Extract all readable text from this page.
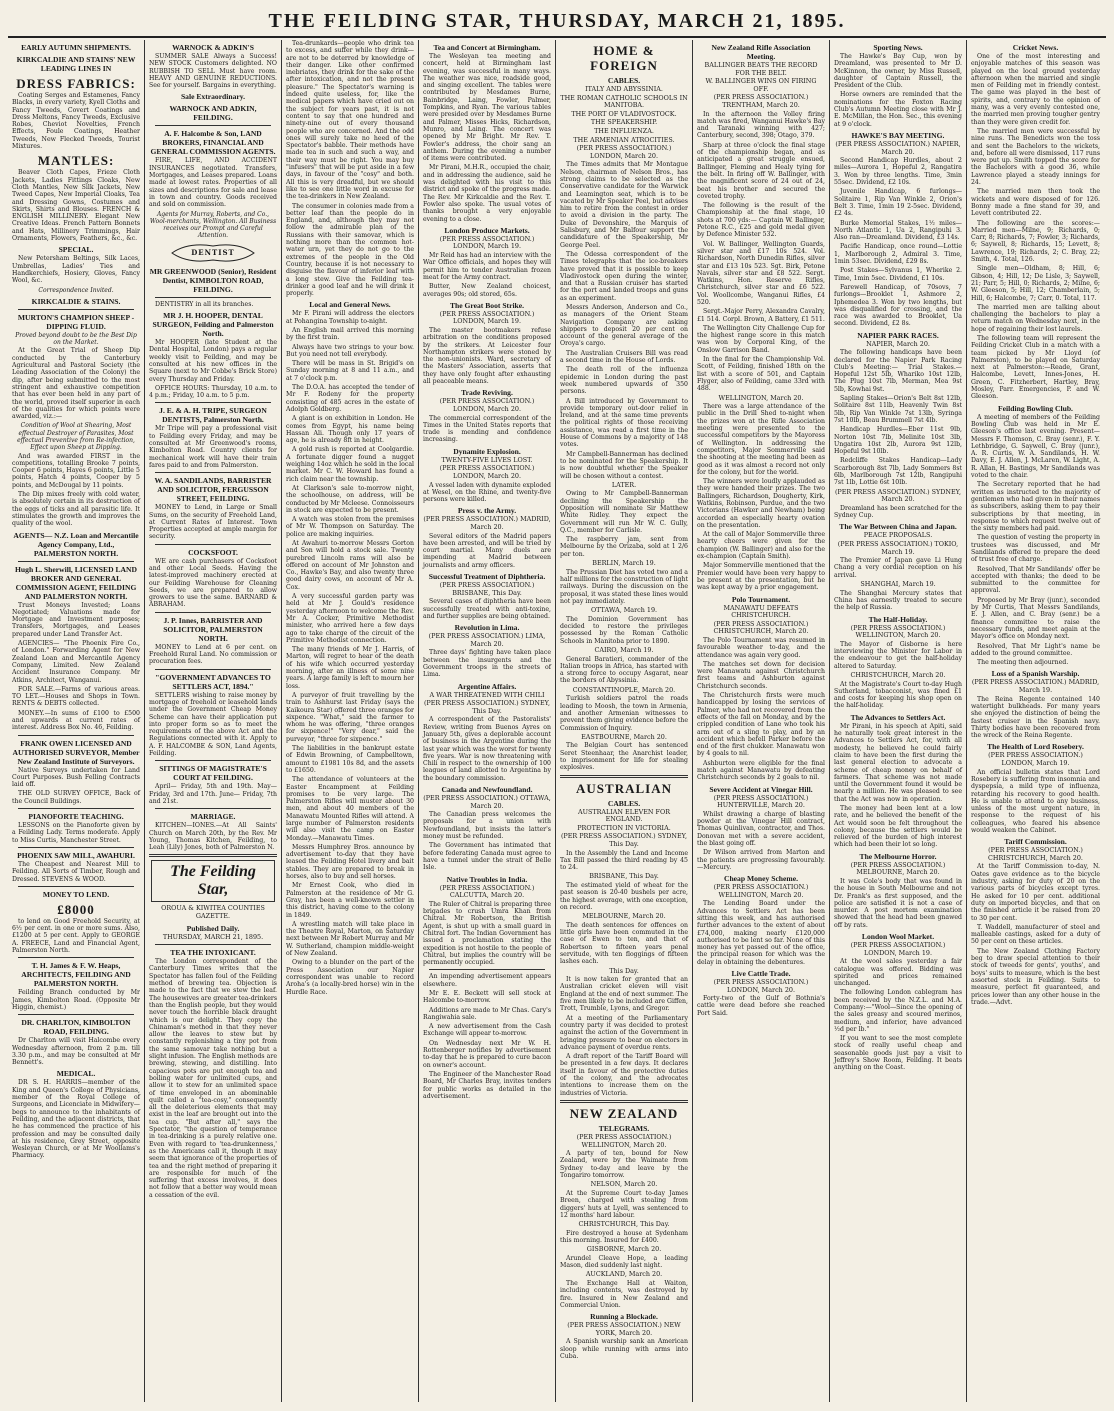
THE FEILDING STAR, THURSDAY, MARCH 21, 1895.
EARLY AUTUMN SHIPMENTS.
KIRKCALDIE AND STAINS' NEW LEADING LINES IN
DRESS FABRICS:

Coating Serges and Estamenes, Fancy Blacks, in every variety, Kyell Cloths and Fancy Tweeds, Covert Coatings and Dress Meltons, Fancy Tweeds, Exclusive Robes, Cheviot Novelties, French Effects, Foule Coatings, Heather Tweeds, New Flecked Tweeds, Tourist Mixtures.

MANTLES:

Beaver Cloth Capes, Frieze Cloth Jackets, Ladies Fittings Cloaks, New Cloth Mantles, New Silk Jackets, New Tweed Capes, New Imperial Cloaks, Tea and Dressing Gowns, Costumes and Skirts, Shirts and Blouses. FRENCH & ENGLISH MILLINERY. Elegant New Creative Ideas. French Pattern Bonnets and Hats, Millinery Trimmings, Hair Ornaments, Flowers, Feathers, &c., &c.

SPECIAL.

New Petersham Beltings, Silk Laces, Umbrellas, Ladies' Ties and Handkerchiefs, Hosiery, Gloves, Fancy Wool, &c.

Correspondence Invited.
KIRKCALDIE & STAINS.
MURTON'S CHAMPION SHEEP - DIPPING FLUID.
Proved beyond doubt to be the Best Dip on the Market.

At the Great Trial of Sheep Dip conducted by the Canterbury Agricultural and Pastoral Society (the Leading Association of the Colony) the dip, after being submitted to the most stringent and exhaustive competition that has ever been held in any part of the world, proved itself superior in each of the qualities for which points were awarded, viz.:—

Condition of Wool at Shearing, Most effectual Destroyer of Parasites, Most effectual Preventive from Re-infection, Effect upon Sheep at Dipping.

And was awarded FIRST in the competitions, totalling Brooke 7 points, Cooper 6 points, Hayes 6 points, Little 5 points, Hatch 4 points, Cooper by 5 points, and McDougal by 11 points.

The Dip mixes freely with cold water, is absolutely certain in its destruction of the eggs of ticks and all parasitic life. It stimulates the growth and improves the quality of the wool.

AGENTS— N.Z. Loan and Mercantile Agency Company, Ltd., PALMERSTON NORTH.
Hugh L. Sherwill, LICENSED LAND BROKER AND GENERAL COMMISSION AGENT, FEILDING AND PALMERSTON NORTH.

Trust Moneys Invested; Loans Negotiated; Valuations made for Mortgage and Investment purposes; Transfers, Mortgages, and Leases prepared under Land Transfer Act.

AGENCIES— "The Phoenix Fire Co., of London." Forwarding Agent for New Zealand Loan and Mercantile Agency Company, Limited. New Zealand Accident Insurance Company. Mr Atkins, Architect, Wanganui.

FOR SALE.—Farms of various areas. TO LET.—Houses and Shops in Town. RENTS & DEBTS collected.

MONEY.—In sums of £100 to £500 and upwards at current rates of interest. Address Box No. 46, Feilding.

FRANK OWEN LICENSED AND AUTHORISED SURVEYOR, Member New Zealand Institute of Surveyors.

Native Surveys undertaken for Land Court Purposes. Bush Felling Contracts laid off.

THE OLD SURVEY OFFICE, Back of the Council Buildings.

PIANOFORTE TEACHING.

LESSONS on the Pianoforte given by a Feilding Lady. Terms moderate. Apply to Miss Curtis, Manchester Street.

PHOENIX SAW MILL, AWAHURI.

The Cheapest and Nearest Mill to Feilding. All Sorts of Timber, Rough and Dressed. STEVENS & WOOD.

MONEY TO LEND.
£8000

to lend on Good Freehold Security, at 6½ per cent. in one or more sums. Also, £1200 at 5 per cent. Apply to GEORGE A. FREECE, Land and Financial Agent, Palmerston North.

T. H. James & F. W. Heaps, ARCHITECTS, FEILDING AND PALMERSTON NORTH.

Feilding Branch conducted by Mr James, Kimbolton Road. (Opposite Mr Higgin, chemist.)

DR. CHARLTON, KIMBOLTON ROAD, FEILDING.

Dr Charlton will visit Halcombe every Wednesday afternoon, from 2 p.m. till 3.30 p.m., and may be consulted at Mr Bennett's.

MEDICAL.

DR S. H. HARRIS—member of the King and Queen's College of Physicians, member of the Royal College of Surgeons, and Licenciate in Midwifery— begs to announce to the inhabitants of Feilding, and the adjacent districts, that he has commenced the practice of his profession and may be consulted daily at his residence, Grey Street, opposite Wesleyan Church, or at Mr Woollams's Pharmacy.

WARNOCK & ADKIN'S

SUMMER SALE Always a Success! NEW STOCK Customers delighted. NO RUBBISH TO SELL Must have room. HEAVY AND GENUINE REDUCTIONS. See for yourself. Bargains in everything.

Sale Extraordinary.
WARNOCK AND ADKIN, FEILDING.
A. F. Halcombe & Son, LAND BROKERS, FINANCIAL AND GENERAL COMMISSION AGENTS.

FIRE, LIFE, AND ACCIDENT INSURANCES negotiated. Transfers, Mortgages, and Leases prepared. Loans made at lowest rates. Properties of all sizes and descriptions for sale and lease in town and country. Goods received and sold on commission.

Agents for Murray, Roberts, and Co., Wool-merchants, Wellington. All Business receives our Prompt and Careful Attention.
DENTIST
MR GREENWOOD (Senior), Resident Dentist, KIMBOLTON ROAD, FEILDING.

DENTISTRY in all its branches.

MR J. H. HOOPER, DENTAL SURGEON, Feilding and Palmerston North.

Mr HOOPER (late Student at the Dental Hospital, London) pays a regular weekly visit to Feilding, and may be consulted at his new offices in the Square (next to Mr Cobbe's Brick Store) every Thursday and Friday.

OFFICE HOURS: Thursday, 10 a.m. to 4 p.m.; Friday, 10 a.m. to 5 p.m.

J. E. & A. H. TRIPE, SURGEON DENTISTS, Palmerston North.

Mr Tripe will pay a professional visit to Feilding every Friday, and may be consulted at Mr Greenwood's rooms, Kimbolton Road. Country clients for mechanical work will have their train fares paid to and from Palmerston.

W. A. SANDILANDS, BARRISTER AND SOLICITOR, FERGUSSON STREET, FEILDING.

MONEY to Lend, in Large or Small Sums, on the security of Freehold Land, at Current Rates of Interest. Town Properties accepted at ample margin for security.

COCKSFOOT.

WE are cash purchasers of Cocksfoot and other Local Seeds. Having the latest-improved machinery erected at our Feilding Warehouse for Cleaning Seeds, we are prepared to allow growers to use the same. BARNARD & ABRAHAM.

J. P. Innes, BARRISTER AND SOLICITOR, PALMERSTON NORTH.

MONEY to Lend at 6 per cent. on Freehold Rural Land. No commission or procuration fees.

"GOVERNMENT ADVANCES TO SETTLERS ACT, 1894."

SETTLERS wishing to raise money by mortgage of freehold or leasehold lands under the Government Cheap Money Scheme can have their application put into proper form so as to meet the requirements of the above Act and the Regulations connected with it. Apply to A. F. HALCOMBE & SON, Land Agents, Feilding.

SITTINGS OF MAGISTRATE'S COURT AT FEILDING.

April— Friday, 5th and 19th. May— Friday, 3rd and 17th. June— Friday, 7th and 21st.

MARRIAGE.

KITCHEN—IONES.—At All Saints' Church on March 20th, by the Rev. Mr Young, Thomas Kitchen, Feilding, to Leah (Lily) Jones, both of Palmerston N.

The Feilding Star,
OROUA & KIWITEA COUNTIES GAZETTE.
Published Daily.
THURSDAY, MARCH 21, 1895.
TEA THE INTOXICANT.

The London correspondent of the Canterbury Times writes that the Spectator has fallen foul of the Feilding method of brewing tea. Objection is made to the fact that we stew the leaf. The housewives are greater tea-drinkers than the English people, but they would never touch the horrible black draught which is our delight. They copy the Chinaman's method in that they never allow the leaves to stew but by constantly replenishing a tiny pot from the same samovar take nothing but a slight infusion. The English methods are brewing, stewing, and distilling. Into capacious pots are put enough tea and boiling water for unlimited cups, and allow it to stew for an unlimited space of time enveloped in an abominable quilt called a "tea-cosy," consequently all the deleterious elements that may exist in the leaf are brought out into the tea cup. "But after all," says the Spectator, "the question of temperance in tea-drinking is a purely relative one. Even with regard to 'tea-drunkenness,' as the Americans call it, though it may seem that ignorance of the properties of tea and the right method of preparing it are responsible for much of the suffering that excess involves, it does not follow that a better way would mean a cessation of the evil.

Tea-drunkards—people who drink tea to excess, and suffer while they drink—are not to be deterred by knowledge of their danger. Like other confirmed inebriates, they drink for the sake of the after intoxication, and not the present pleasure." The Spectator's warning is indeed quite useless, for, like the medical papers which have cried out on the subject for years past, it is not content to say that one hundred and ninety-nine out of every thousand people who are concerned. And the odd ones will surely take no heed of the Spectator's babble. Their methods have made tea in such and such a way, and their way must be right. You may buy "infusers" that will be put aside in a few days, in favour of the "cosy" and both. All this is very dreadful, but we should like to see one little word in excuse for the tea-drinkers in New Zealand.

The consumer in colonies made from a better leaf than the people do in England, and, although they may not follow the admirable plan of the Russians with their samovar, which is nothing more than the common hot-water urn, yet they do not go to the extremes of the people in the Old Country, because it is not necessary to disguise the flavour of inferior leaf with a long stew. Give the Feilding tea-drinker a good leaf and he will drink it properly.

Local and General News.

Mr F. Pirani will address the electors at Pohangina Township to-night.

An English mail arrived this morning by the first train.

Always have two strings to your bow. But you need not tell everybody.

There will be mass in St. Brigid's on Sunday morning at 8 and 11 a.m., and at 7 o'clock p.m.

The D.O.A. has accepted the tender of Mr F. Rodeny for the property consisting of 485 acres in the estate of Adolph Goldberg.

A giant is on exhibition in London. He comes from Egypt, his name being Hassan Ali. Though only 17 years of age, he is already 8ft in height.

A gold rush is reported at Coolgardie. A fortunate digger found a nugget weighing 14oz which he sold in the local market. Mr C. W. Howard has found a rich claim near the township.

At Clarkson's sale to-morrow night, the schoolhouse, on address, will be conducted by Mr Mcleese. Connoisseurs in stock are expected to be present.

A watch was stolen from the premises of Mr W. Thompson on Saturday. The police are making inquiries.

At Awahuri to-morrow Messrs Gorton and Son will hold a stock sale. Twenty purebred Lincoln rams will also be offered on account of Mr Johnston and Co., Hawke's Bay, and also twenty three good dairy cows, on account of Mr A. Cox.

A very successful garden party was held at Mr J. Gould's residence yesterday afternoon to welcome the Rev. Mr A. Cocker, Primitive Methodist minister, who arrived here a few days ago to take charge of the circuit of the Primitive Methodist connection.

The many friends of Mr J. Harris, of Marton, will regret to hear of the death of his wife which occurred yesterday morning, after an illness of some nine years. A large family is left to mourn her loss.

A purveyor of fruit travelling by the train to Ashhurst last Friday (says the Kaikoura Star) offered three oranges for sixpence. "What," said the farmer to whom he was offering, "three oranges for sixpence!" "Very dear," said the purveyor, "three for sixpence."

The liabilities in the bankrupt estate of Edwin Browning, of Campbelltown, amount to £1981 10s 8d, and the assets to £1650.

The attendance of volunteers at the Easter Encampment at Feilding promises to be very large. The Palmerston Rifles will muster about 30 men, and about 40 members of the Manawatu Mounted Rifles will attend. A large number of Palmerston residents will also visit the camp on Easter Monday.—Manawatu Times.

Messrs Humphrey Bros. announce by advertisement to-day that they have leased the Feilding Hotel livery and bait stables. They are prepared to break in horses, also to buy and sell horses.

Mr Ernest Cook, who died in Palmerston at the residence of Mr G. Gray, has been a well-known settler in this district, having come to the colony in 1849.

A wrestling match will take place in the Theatre Royal, Marton, on Saturday next between Mr Robert Murray and Mr W. Sutherland, champion middle-weight of New Zealand.

Owing to a blunder on the part of the Press Association our Napier correspondent was unable to record Aroha's (a locally-bred horse) win in the Hurdle Race.

Tea and Concert at Birmingham.

The Wesleyan tea meeting and concert, held at Birmingham last evening, was successful in many ways. The weather was nice, roadside good, and singing excellent. The tables were contributed by Mesdames Burne, Bainbridge, Laing, Fowler, Palmer, Tompkins, and Ryan. The various tables were presided over by Mesdames Burne and Palmer, Misses Hicks, Richardson, Munro, and Laing. The concert was opened by Mr Bright. Mr Rev. T. Fowler's address, the choir sang an anthem. During the evening a number of items were contributed.

Mr Pirani, M.H.R., occupied the chair, and in addressing the audience, said he was delighted with his visit to this district and spoke of the progress made. The Rev. Mr Kirkcaldie and the Rev. T. Fowler also spoke. The usual votes of thanks brought a very enjoyable evening to a close.

London Produce Markets.
(PER PRESS ASSOCIATION.) LONDON, March 19.

Mr Reid has had an interview with the War Office officials, and hopes they will permit him to tender Australian frozen meat for the Army contract.

Butter, New Zealand choicest, averages 90s; old stored, 65s.

The Great Boot Strike.
(PER PRESS ASSOCIATION.) LONDON, March 19.

The master bootmakers refuse arbitration on the conditions proposed by the strikers. At Leicester four Northampton strikers were stoned by the non-unionists. Ward, secretary of the Masters' Association, asserts that they have only fought after exhausting all peaceable means.

Trade Reviving.
(PER PRESS ASSOCIATION.) LONDON, March 20.

The commercial correspondent of the Times in the United States reports that trade is mending and confidence increasing.

Dynamite Explosion.
TWENTY-FIVE LIVES LOST.
(PER PRESS ASSOCIATION.) LONDON, March 20.

A vessel laden with dynamite exploded at Wesel, on the Rhine, and twenty-five persons were killed.

Press v. the Army.
(PER PRESS ASSOCIATION.) MADRID, March 20.

Several editors of the Madrid papers have been arrested, and will be tried by court martial. Many duels are impending at Madrid between journalists and army officers.

Successful Treatment of Diphtheria.
(PER PRESS ASSOCIATION.) BRISBANE, This Day.

Several cases of diphtheria have been successfully treated with anti-toxine, and further supplies are being obtained.

Revolution in Lima.
(PER PRESS ASSOCIATION.) LIMA, March 20.

Three days' fighting have taken place between the insurgents and the Government troops in the streets of Lima.

Argentine Affairs.
A WAR THREATENED WITH CHILI
(PER PRESS ASSOCIATION.) SYDNEY, This Day.

A correspondent of the Pastoralists' Review, writing from Buenos Ayres on January 5th, gives a deplorable account of business in the Argentine during the last year which was the worst for twenty five years. War is now threatening with Chili in respect to the ownership of 100 leagues of land allotted to Argentina by the boundary commission.

Canada and Newfoundland.
(PER PRESS ASSOCIATION.) OTTAWA, March 20.

The Canadian press welcomes the proposals for a union with Newfoundland, but insists the latter's money must be refunded.

The Government has intimated that before federating Canada must agree to have a tunnel under the strait of Belle Isle.

Native Troubles in India.
(PER PRESS ASSOCIATION.) CALCUTTA, March 20.

The Ruler of Chitral is preparing three brigades to crush Umra Khan from Chitral. Mr Robertson, the British Agent, is shut up with a small guard in Chitral fort. The Indian Government has issued a proclamation stating the expedition is not hostile to the people of Chitral, but implies the country will be permanently occupied.

An impending advertisement appears elsewhere.

Mr E. E. Beckett will sell stock at Halcombe to-morrow.

Additions are made to Mr Chas. Cary's Rangiwahia sale.

A new advertisement from the Cash Exchange will appear to-morrow.

On Wednesday next Mr W. H. Rottenberger notifies by advertisement to-day that he is prepared to cure bacon on owner's account.

The Engineer of the Manchester Road Board, Mr Charles Bray, invites tenders for public works as detailed in the advertisement.

HOME & FOREIGN
CABLES.
ITALY AND ABYSSINIA.
THE ROMAN CATHOLIC SCHOOLS IN MANITOBA.
THE PORT OF VLADIVOSTOCK.
THE SPEAKERSHIP.
THE INFLUENZA.
THE ARMENIAN ATROCITIES.
(PER PRESS ASSOCIATION.) LONDON, March 20.

The Times admits that Mr Montague Nelson, chairman of Nelson Bros., has strong claims to be selected as the Conservative candidate for the Warwick and Leamington seat, which is to be vacated by Mr Speaker Peel, but advises him to retire from the contest in order to avoid a division in the party. The Duke of Devonshire, the Marquis of Salisbury, and Mr Balfour support the candidature of the Speakership, Mr George Peel.

The Odessa correspondent of the Times telegraphs that the ice-breakers have proved that it is possible to keep Vladivostock open during the winter, and that a Russian cruiser has started for the port and landed troops and guns as an experiment.

Messrs Anderson, Anderson and Co., as managers of the Orient Steam Navigation Company are asking shippers to deposit 20 per cent on account of the general average of the Oroya's cargo.

The Australian Cruisers Bill was read a second time in the House of Lords.

The death roll of the influenza epidemic in London during the past week numbered upwards of 350 persons.

A Bill introduced by Government to provide temporary out-door relief in Ireland, and at the same time prevents the political rights of those receiving assistance, was read a first time in the House of Commons by a majority of 148 votes.

Mr Campbell-Bannerman has declined to be nominated for the Speakership. It is now doubtful whether the Speaker will be chosen without a contest.

LATER.

Owing to Mr Campbell-Bannerman declining the Speakership the Opposition will nominate Sir Matthew White Ridley. They expect the Government will run Mr W. C. Gully, Q.C., member for Carlisle.

The raspberry jam, sent from Melbourne by the Orizaba, sold at 1 2/6 per ton.

BERLIN, March 19.

The Prussian Diet has voted two and a half millions for the construction of light railways. During the discussion on the proposal, it was stated these lines would not pay immediately.

OTTAWA, March 19.

The Dominion Government has decided to restore the privileges possessed by the Roman Catholic Schools in Manitoba prior to 1890.

CAIRO, March 19.

General Baratieri, commander of the Italian troops in Africa, has started with a strong force to occupy Asgarat, near the borders of Abyssinia.

CONSTANTINOPLE, March 20.

Turkish soldiers patrol the roads leading to Moosh, the town in Armenia, and another Armenian witnesses to prevent them giving evidence before the Commission of Inquiry.

EASTBOURNE, March 20.

The Belgian Court has sentenced Seret Steenhaar, the Anarchist leader, to imprisonment for life for stealing explosives.

AUSTRALIAN
CABLES.
AUSTRALIAN ELEVEN FOR ENGLAND.
PROTECTION IN VICTORIA.
(PER PRESS ASSOCIATION.) SYDNEY, This Day.

In the Assembly the Land and Income Tax Bill passed the third reading by 45 to 24.

BRISBANE, This Day.

The estimated yield of wheat for the past season is 20-40 bushels per acre, the highest average, with one exception, on record.

MELBOURNE, March 20.

The death sentences for offences on little girls have been commuted in the case of Ewen to ten, and that of Robertson to fifteen years penal servitude, with ten floggings of fifteen lashes each.

This Day.

It is now taken for granted that an Australian cricket eleven will visit England at the end of next summer. The five men likely to be included are Giffen, Trott, Trumble, Lyons, and Gregor.

At a meeting of the Parliamentary country party it was decided to protest against the action of the Government in bringing pressure to bear on electors in advance payment of overdue rents.

A draft report of the Tariff Board will be presented in a few days. It declares itself in favour of the protective duties of the colony, and the advocates intentions to increase them on the industries of Victoria.

NEW ZEALAND
TELEGRAMS.
(PER PRESS ASSOCIATION.) WELLINGTON, March 20.

A party of ten, bound for New Zealand, were by the Waimate from Sydney to-day and leave by the Tongariro tomorrow.

NELSON, March 20.

At the Supreme Court to-day James Breen, charged with stealing from diggers' huts at Lyell, was sentenced to 12 months' hard labour.

CHRISTCHURCH, This Day.

Fire destroyed a house at Sydenham this morning. Insured for £400.

GISBORNE, March 20.

Arundel Cleave Hope, a leading Mason, died suddenly last night.

AUCKLAND, March 20.

The Exchange Hall at Waiton, including contents, was destroyed by fire. Insured in New Zealand and Commercial Union.

Running a Blockade.
(PER PRESS ASSOCIATION.) NEW YORK, March 20.

A Spanish warship sank an American sloop while running with arms into Cuba.

New Zealand Rifle Association Meeting.
BALLINGER BEATS THE RECORD FOR THE BELT.
W. BALLINGER WINS ON FIRING OFF.
(PER PRESS ASSOCIATION.) TRENTHAM, March 20.

In the afternoon the Volley firing match was fired, Wanganui Hawke's Bay and Taranaki winning with 427; Canterbury, second, 398; Otago, 379.

Sharp at three o'clock the final stage of the championship began, and as anticipated a great struggle ensued, Ballinger, Fleming and Healy tying for the belt. In firing off W. Ballinger, with the magnificent score of 24 out of 24, beat his brother and secured the coveted trophy.

The following is the result of the Championship at the final stage, 10 shots at 700 yds:— Captain W. Ballinger, Petone R.C., £25 and gold medal given by Defence Minister 532.

Vol. W. Ballinger, Wellington Guards, silver star and £17 10s 524. Vol. Richardson, North Dunedin Rifles, silver star and £13 10s 523. Sgt. Birk, Petone Navals, silver star and £8 522. Sergt. Watkins, Hon. Reserve Rifles, Christchurch, silver star and £6 522. Vol. Woollcombe, Wanganui Rifles, £4 520.

Sergt.-Major Perry, Alexandra Cavalry, £1 514. Corpl. Brown, A Battery, £1 511.

The Wellington City Challenge Cup for the highest range score in this match was won by Corporal King, of the Onslow Garrison Band.

In the final for the Championship Vol. Scott, of Feilding, finished 18th on the list with a score of 501, and Captain Flyger, also of Feilding, came 33rd with 488.

WELLINGTON, March 20.

There was a large attendance of the public in the Drill Shed to-night when the prizes won at the Rifle Association meeting were presented to the successful competitors by the Mayoress of Wellington. In addressing the competitors, Major Sommerville said the shooting at the meeting had been as good as it was almost a record not only for the colony, but for the world.

The winners were loudly applauded as they were handed their prizes. The two Ballingers, Richardson, Dougherty, Kirk, Watkins, Robinson, Purdue, and the two Victorians (Hawker and Newham) being accorded an especially hearty ovation on the presentation.

At the call of Major Sommerville three hearty cheers were given for the champion (W. Ballinger) and also for the ex-champion (Captain Smith).

Major Sommerville mentioned that the Premier would have been very happy to be present at the presentation, but he was kept away by a prior engagement.

Polo Tournament.
MANAWATU DEFEATS CHRISTCHURCH.
(PER PRESS ASSOCIATION.) CHRISTCHURCH, March 20.

The Polo Tournament was resumed in favourable weather to-day, and the attendance was again very good.

The matches set down for decision were Manawatu against Christchurch first teams and Ashburton against Christchurch seconds.

The Christchurch firsts were much handicapped by losing the services of Palmer, who had not recovered from the effects of the fall on Monday, and by the crippled condition of Lane who took his arm out of a sling to play, and by an accident which befell Parker before the end of the first chukker. Manawatu won by 4 goals to nil.

Ashburton were eligible for the final match against Manawatu by defeating Christchurch seconds by 2 goals to nil.

Severe Accident at Vinegar Hill.
(PER PRESS ASSOCIATION.) HUNTERVILLE, March 20.

Whilst drawing a charge of blasting powder at the Vinegar Hill contract, Thomas Quinlivan, contractor, and Thos. Donovan met with a severe accident, the blast going off.

Dr Wilson arrived from Marton and the patients are progressing favourably.—Mercury.

Cheap Money Scheme.
(PER PRESS ASSOCIATION.) WELLINGTON, March 20.

The Lending Board under the Advances to Settlers Act has been sitting this week, and has authorised further advances to the extent of about £74,000, making nearly £120,000 authorised to be lent so far. None of this money has yet passed out of the office, the principal reason for which was the delay in obtaining the debentures.

Live Cattle Trade.
(PER PRESS ASSOCIATION.) LONDON, March 20.

Forty-two of the Gulf of Bothnia's cattle were dead before she reached Port Said.

Sporting News.

The Hawke's Bay Cup, won by Dreamland, was presented to Mr D. McKinnon, the owner, by Miss Russell, daughter of Captain Russell, the President of the Club.

Horse owners are reminded that the nominations for the Foxton Racing Club's Autumn Meeting close with Mr J. E. McMillan, the Hon. Sec., this evening at 9 o'clock.

HAWKE'S BAY MEETING.
(PER PRESS ASSOCIATION.) NAPIER, March 20.

Second Handicap Hurdles, about 2 miles—Aurora 1, Hopeful 2, Rangatira 3. Won by three lengths. Time, 3min 55sec. Dividend, £2 10s.

Juvenile Handicap, 6 furlongs—Solitaire 1, Rip Van Winkle 2, Orion's Belt 3. Time, 1min 19 2-5sec. Dividend, £2 4s.

Burke Memorial Stakes, 1½ miles—North Atlantic 1, Ua 2, Rangipuhi 3. Also ran—Dreamland. Dividend, £3 14s.

Pacific Handicap, once round—Lottie 1, Marlborough 2, Admiral 3. Time, 1min 53sec. Dividend, £29 8s.

Post Stakes—Sylvanus 1, Wherike 2. Time, 1min 5sec. Dividend, £1 10s.

Farewell Handicap, of 70sovs, 7 furlongs—Brooklet 1, Ashmore 2, Iphemedea 3. Won by two lengths, but was disqualified for crossing, and the race was awarded to Brooklet, Ua second. Dividend, £2 8s.

NAPIER PARK RACES.
NAPIER, March 20.

The following handicaps have been declared for the Napier Park Racing Club's Meeting:— Trial Stakes.—Hopeful 12st 5lb, Whariko 10st 12lb, The Plug 10st 7lb, Merman, Mea 9st 5lb, Kowhai 9st.

Sapling Stakes—Orion's Belt 8st 12lb, Solitaire 8st 11lb, Heavenly Twin 8st 5lb, Rip Van Winkle 7st 13lb, Syringa 7st 10lb, Beau Brummell 7st 4lb.

Handicap Hurdles—Eber 11st 9lb, Norton 10st 7lb, Melinite 10st 3lb, Ungatira 10st 2lb, Aurora 9st 12lb, Hopeful 9st 10lb.

Redcliffe Stakes Handicap—Lady Scarborough 8st 7lb, Lady Sommers 8st 6lb, Marlborough 7st 12lb, Rangipuhi 7st 1lb, Lottie 6st 10lb.

(PER PRESS ASSOCIATION.) SYDNEY, March 20.

Dreamland has been scratched for the Sydney Cup.

The War Between China and Japan.
PEACE PROPOSALS.
(PER PRESS ASSOCIATION.) TOKIO, March 19.

The Premier of Japan gave Li Hung Chang a very cordial reception on his arrival.

SHANGHAI, March 19.

The Shanghai Mercury states that China has earnestly treated to secure the help of Russia.

The Half-Holiday.
(PER PRESS ASSOCIATION.) WELLINGTON, March 20.

The Mayor of Gisborne is here interviewing the Minister for Labor in the endeavour to get the half-holiday altered to Saturday.

CHRISTCHURCH, March 20.

At the Magistrate's Court to-day Hugh Sutherland, tobacconist, was fined £1 and costs for keeping his shop open on the half-holiday.

The Advances to Settlers Act.

Mr Pirani, in his speech at Apiti, said he naturally took great interest in the Advances to Settlers Act, for, with all modesty, he believed he could fairly claim to have been the first during the last general election to advocate a scheme of cheap money on behalf of farmers. That scheme was not made until the Government found it would be nearly a million. He was pleased to see that the Act was now in operation.

The money had been lent at a low rate, and he believed the benefit of the Act would soon be felt throughout the colony, because the settlers would be relieved of the burden of high interest which had been their lot so long.

The Melbourne Horror.
(PER PRESS ASSOCIATION.) MELBOURNE, March 20.

It was Cole's body that was found in the house in South Melbourne and not Dr. Frank's as first supposed, and the police are satisfied it is not a case of murder. A post mortem examination showed that the head had been gnawed off by rats.

London Wool Market.
(PER PRESS ASSOCIATION.) LONDON, March 19.

At the wool sales yesterday a fair catalogue was offered. Bidding was spirited and prices remained unchanged.

The following London cablegram has been received by the N.Z.L. and M.A. Company:—"Wool—Since the opening of the sales greasy and scoured merinos, medium, and inferior, have advanced ½d per lb."

If you want to see the most complete stock of really useful cheap and seasonable goods just pay a visit to Jeffrey's Show Room, Feilding. It beats anything on the Coast.

Cricket News.

One of the most interesting and enjoyable matches of this season was played on the local ground yesterday afternoon when the married and single men of Feilding met in friendly contest. The game was played in the best of spirits, and, contrary to the opinion of many, was a very evenly contested one, the married men proving tougher gentry than they were given credit for.

The married men were successful by nine runs. The Benedicts won the toss and sent the Bachelors to the wickets, and, before all were dismissed, 117 runs were put up. Smith topped the score for the Bachelors with a good 36, while Lawrence played a steady innings for 24.

The married men then took the wickets and were disposed of for 126. Bonny made a fine stand for 39, and Levett contributed 22.

The following are the scores:— Married men—Milne, 9; Richards, 0; Carr, 8; Richards, 7; Fowler, 3; Richards, 6; Saywell, 8; Richards, 15; Levett, 8; Lawrence, 19; Richards, 2; C. Bray, 22; Smith, 4. Total, 126.

Single men—Oldham, 8; Hill, 6; Gibson, 4; Hill, 12; De Lisle, 3; Saywell, 21; Parr, 5; Hill, 0; Richards, 2; Milne, 6; W. Gleeson, 5; Hill, 12; Chamberlain, 5; Hill, 6; Halcombe, 7; Carr, 0. Total, 117.

The married men are talking about challenging the bachelors to play a return match on Wednesday next, in the hope of regaining their lost laurels.

The following team will represent the Feilding Cricket Club in a match with a team picked by Mr Lloyd (of Palmerston), to be played on Saturday next at Palmerston:—Reade, Grant, Halcombe, Levett, Innes-Jones, H. Green, C. Fitzherbert, Hartley, Bray, Mosley, Parr. Emergencies, P. and W. Gleeson.

Feilding Bowling Club.

A meeting of members of the Feilding Bowling Club was held in Mr E. Gleeson's office last evening. Present—Messrs F. Thomson, C. Bray (senr.), F. Y. Lethbridge, G. Saywell, C. Bray (junr.), A. R. Curtis, W. A. Sandilands, H. W. Davy, E. J. Allen, J. McLaren, W. Light, A. R. Allan, H. Bastings, Mr Sandilands was voted to the chair.

The Secretary reported that he had written as instructed to the majority of gentlemen who had given in their names as subscribers, asking them to pay their subscriptions by that meeting, in response to which request twelve out of the sixty members had paid.

The question of vesting the property in trustees was discussed, and Mr Sandilands offered to prepare the deed of trust free of charge.

Resolved, That Mr Sandilands' offer be accepted with thanks; the deed to be submitted to the committee for approval.

Proposed by Mr Bray (junr.), seconded by Mr Curtis, That Messrs Sandilands, E. J. Allen, and C. Bray (senr.) be a finance committee to raise the necessary funds, and meet again at the Mayor's office on Monday next.

Resolved, That Mr Light's name be added to the ground committee.

The meeting then adjourned.

Loss of a Spanish Warship.
(PER PRESS ASSOCIATION.) MADRID, March 19.

The Reina Regente contained 140 watertight bulkheads. For many years she enjoyed the distinction of being the fastest cruiser in the Spanish navy. Thirty bodies have been recovered from the wreck of the Reina Regente.

The Health of Lord Rosebery.
(PER PRESS ASSOCIATION.) LONDON, March 19.

An official bulletin states that Lord Rosebery is suffering from insomnia and dyspepsia, a mild type of influenza, retarding his recovery to good health. He is unable to attend to any business, unless of the most urgent nature, in response to the request of his colleagues, who feared his absence would weaken the Cabinet.

Tariff Commission.
(PER PRESS ASSOCIATION.) CHRISTCHURCH, March 20.

At the Tariff Commission to-day, N. Oates gave evidence as to the bicycle industry, asking for duty of 20 on the various parts of bicycles except tyres. He asked for 10 per cent. additional duty on imported bicycles, and that on the finished article it be raised from 20 to 30 per cent.

T. Waddell, manufacturer of steel and malleable castings, asked for a duty of 50 per cent on these articles.

The New Zealand Clothing Factory beg to draw special attention to their stock of tweeds for gents', youths', and boys' suits to measure, which is the best assorted stock in Feilding. Suits to measure, perfect fit guaranteed, and prices lower than any other house in the trade.—Advt.
